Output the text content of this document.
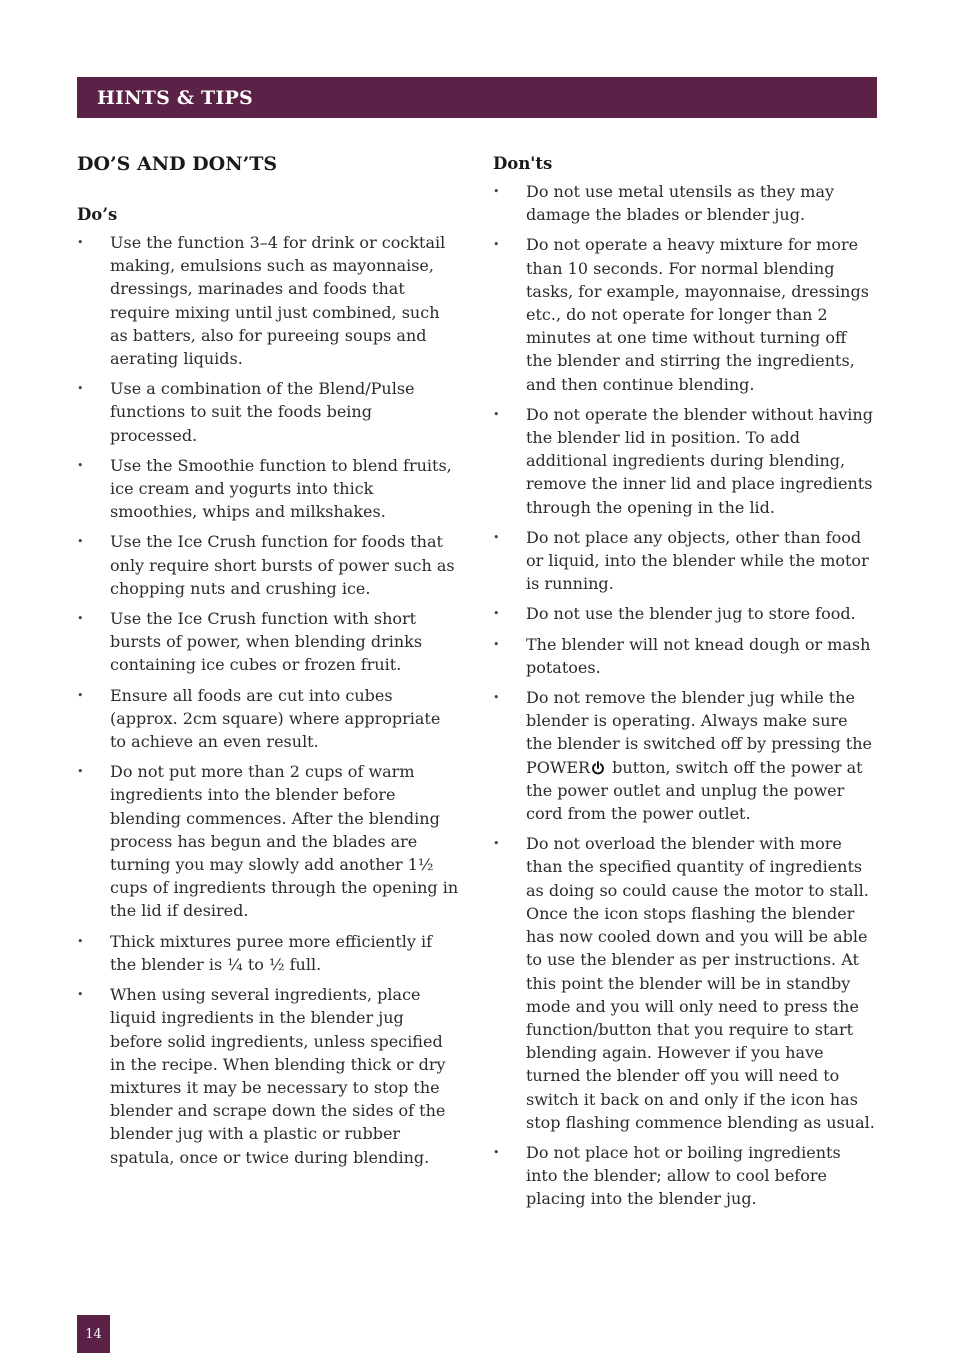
HINTS & TIPS
DO’S AND DON’TS
Do’s
• Use the function 3–4 for drink or cocktail making, emulsions such as mayonnaise, dressings, marinades and foods that require mixing until just combined, such as batters, also for pureeing soups and aerating liquids.
• Use a combination of the Blend/Pulse functions to suit the foods being processed.
• Use the Smoothie function to blend fruits, ice cream and yogurts into thick smoothies, whips and milkshakes.
• Use the Ice Crush function for foods that only require short bursts of power such as chopping nuts and crushing ice.
• Use the Ice Crush function with short bursts of power, when blending drinks containing ice cubes or frozen fruit.
• Ensure all foods are cut into cubes (approx. 2cm square) where appropriate to achieve an even result.
• Do not put more than 2 cups of warm ingredients into the blender before blending commences. After the blending process has begun and the blades are turning you may slowly add another 1½ cups of ingredients through the opening in the lid if desired.
• Thick mixtures puree more efficiently if the blender is ¼ to ½ full.
• When using several ingredients, place liquid ingredients in the blender jug before solid ingredients, unless specified in the recipe. When blending thick or dry mixtures it may be necessary to stop the blender and scrape down the sides of the blender jug with a plastic or rubber spatula, once or twice during blending.
Don'ts
• Do not use metal utensils as they may damage the blades or blender jug.
• Do not operate a heavy mixture for more than 10 seconds. For normal blending tasks, for example, mayonnaise, dressings etc., do not operate for longer than 2 minutes at one time without turning off the blender and stirring the ingredients, and then continue blending.
• Do not operate the blender without having the blender lid in position. To add additional ingredients during blending, remove the inner lid and place ingredients through the opening in the lid.
• Do not place any objects, other than food or liquid, into the blender while the motor is running.
• Do not use the blender jug to store food.
• The blender will not knead dough or mash potatoes.
• Do not remove the blender jug while the blender is operating. Always make sure the blender is switched off by pressing the POWER button, switch off the power at the power outlet and unplug the power cord from the power outlet.
• Do not overload the blender with more than the specified quantity of ingredients as doing so could cause the motor to stall. Once the icon stops flashing the blender has now cooled down and you will be able to use the blender as per instructions. At this point the blender will be in standby mode and you will only need to press the function/button that you require to start blending again. However if you have turned the blender off you will need to switch it back on and only if the icon has stop flashing commence blending as usual.
• Do not place hot or boiling ingredients into the blender; allow to cool before placing into the blender jug.
14
